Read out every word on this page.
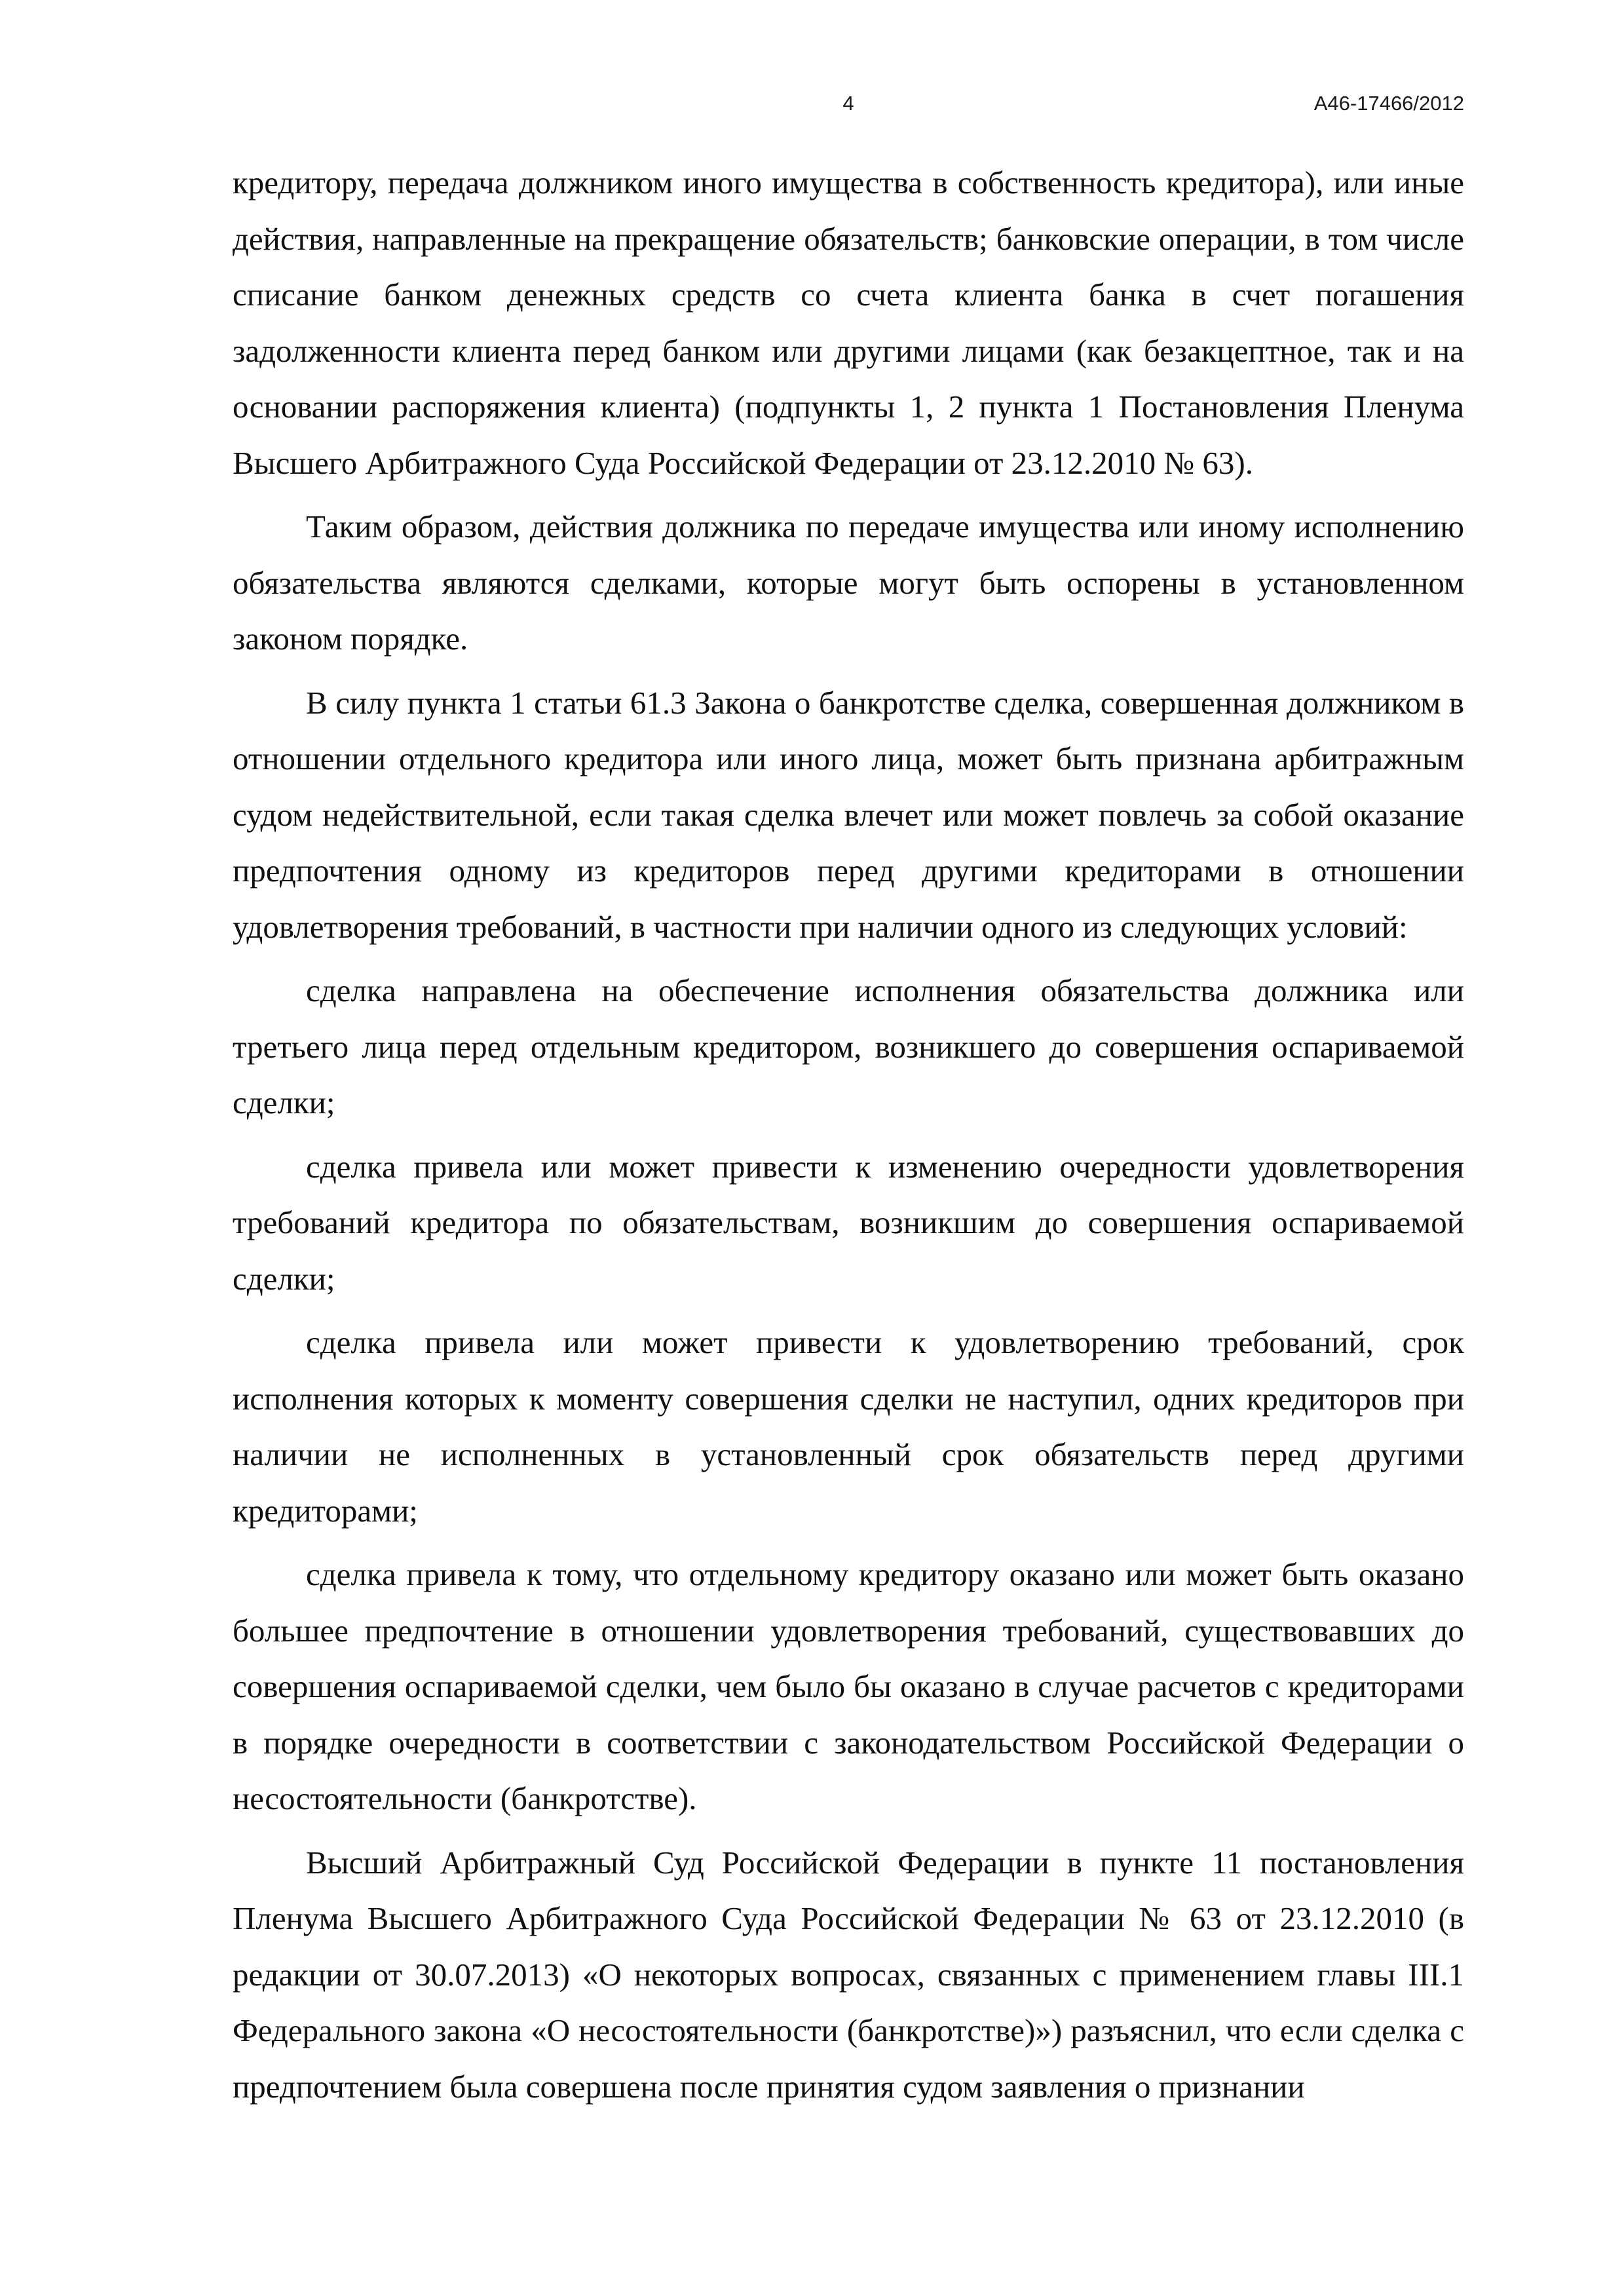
4	А46-17466/2012

кредитору, передача должником иного имущества в собственность кредитора), или иные действия, направленные на прекращение обязательств; банковские операции, в том числе списание банком денежных средств со счета клиента банка в счет погашения задолженности клиента перед банком или другими лицами (как безакцептное, так и на основании распоряжения клиента) (подпункты 1, 2 пункта 1 Постановления Пленума Высшего Арбитражного Суда Российской Федерации от 23.12.2010 № 63).

Таким образом, действия должника по передаче имущества или иному исполнению обязательства являются сделками, которые могут быть оспорены в установленном законом порядке.

В силу пункта 1 статьи 61.3 Закона о банкротстве сделка, совершенная должником в отношении отдельного кредитора или иного лица, может быть признана арбитражным судом недействительной, если такая сделка влечет или может повлечь за собой оказание предпочтения одному из кредиторов перед другими кредиторами в отношении удовлетворения требований, в частности при наличии одного из следующих условий:

сделка направлена на обеспечение исполнения обязательства должника или третьего лица перед отдельным кредитором, возникшего до совершения оспариваемой сделки;

сделка привела или может привести к изменению очередности удовлетворения требований кредитора по обязательствам, возникшим до совершения оспариваемой сделки;

сделка привела или может привести к удовлетворению требований, срок исполнения которых к моменту совершения сделки не наступил, одних кредиторов при наличии не исполненных в установленный срок обязательств перед другими кредиторами;

сделка привела к тому, что отдельному кредитору оказано или может быть оказано большее предпочтение в отношении удовлетворения требований, существовавших до совершения оспариваемой сделки, чем было бы оказано в случае расчетов с кредиторами в порядке очередности в соответствии с законодательством Российской Федерации о несостоятельности (банкротстве).

Высший Арбитражный Суд Российской Федерации в пункте 11 постановления Пленума Высшего Арбитражного Суда Российской Федерации № 63 от 23.12.2010 (в редакции от 30.07.2013) «О некоторых вопросах, связанных с применением главы III.1 Федерального закона «О несостоятельности (банкротстве)») разъяснил, что если сделка с предпочтением была совершена после принятия судом заявления о признании
